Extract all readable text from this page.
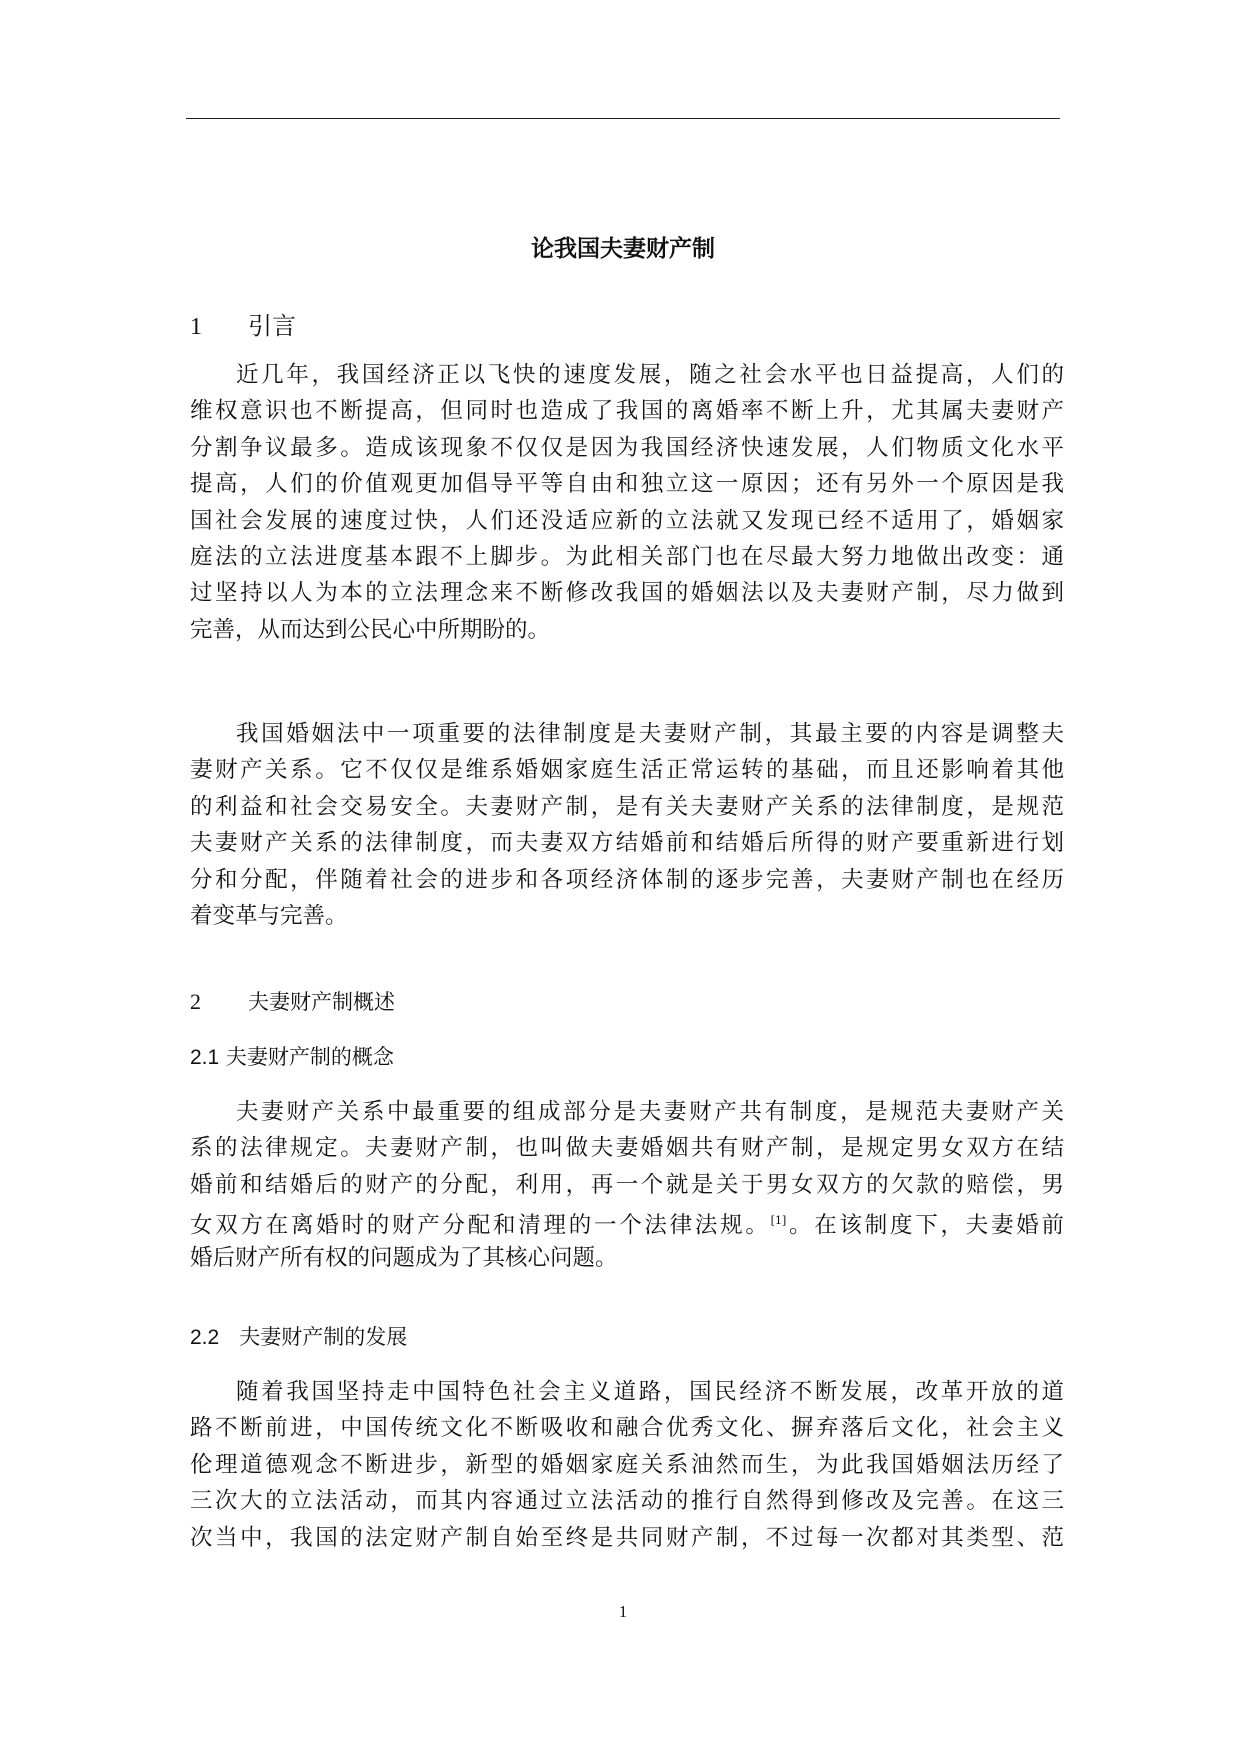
论我国夫妻财产制
1 引言
近几年，我国经济正以飞快的速度发展，随之社会水平也日益提高，人们的
维权意识也不断提高，但同时也造成了我国的离婚率不断上升，尤其属夫妻财产
分割争议最多。造成该现象不仅仅是因为我国经济快速发展，人们物质文化水平
提高，人们的价值观更加倡导平等自由和独立这一原因；还有另外一个原因是我
国社会发展的速度过快，人们还没适应新的立法就又发现已经不适用了，婚姻家
庭法的立法进度基本跟不上脚步。为此相关部门也在尽最大努力地做出改变：通
过坚持以人为本的立法理念来不断修改我国的婚姻法以及夫妻财产制，尽力做到
完善，从而达到公民心中所期盼的。
我国婚姻法中一项重要的法律制度是夫妻财产制，其最主要的内容是调整夫
妻财产关系。它不仅仅是维系婚姻家庭生活正常运转的基础，而且还影响着其他
的利益和社会交易安全。夫妻财产制，是有关夫妻财产关系的法律制度，是规范
夫妻财产关系的法律制度，而夫妻双方结婚前和结婚后所得的财产要重新进行划
分和分配，伴随着社会的进步和各项经济体制的逐步完善，夫妻财产制也在经历
着变革与完善。
2 夫妻财产制概述
2.1 夫妻财产制的概念
夫妻财产关系中最重要的组成部分是夫妻财产共有制度，是规范夫妻财产关
系的法律规定。夫妻财产制，也叫做夫妻婚姻共有财产制，是规定男女双方在结
婚前和结婚后的财产的分配，利用，再一个就是关于男女双方的欠款的赔偿，男
女双方在离婚时的财产分配和清理的一个法律法规。[1]。在该制度下，夫妻婚前
婚后财产所有权的问题成为了其核心问题。
2.2 夫妻财产制的发展
随着我国坚持走中国特色社会主义道路，国民经济不断发展，改革开放的道
路不断前进，中国传统文化不断吸收和融合优秀文化、摒弃落后文化，社会主义
伦理道德观念不断进步，新型的婚姻家庭关系油然而生，为此我国婚姻法历经了
三次大的立法活动，而其内容通过立法活动的推行自然得到修改及完善。在这三
次当中，我国的法定财产制自始至终是共同财产制，不过每一次都对其类型、范
1
